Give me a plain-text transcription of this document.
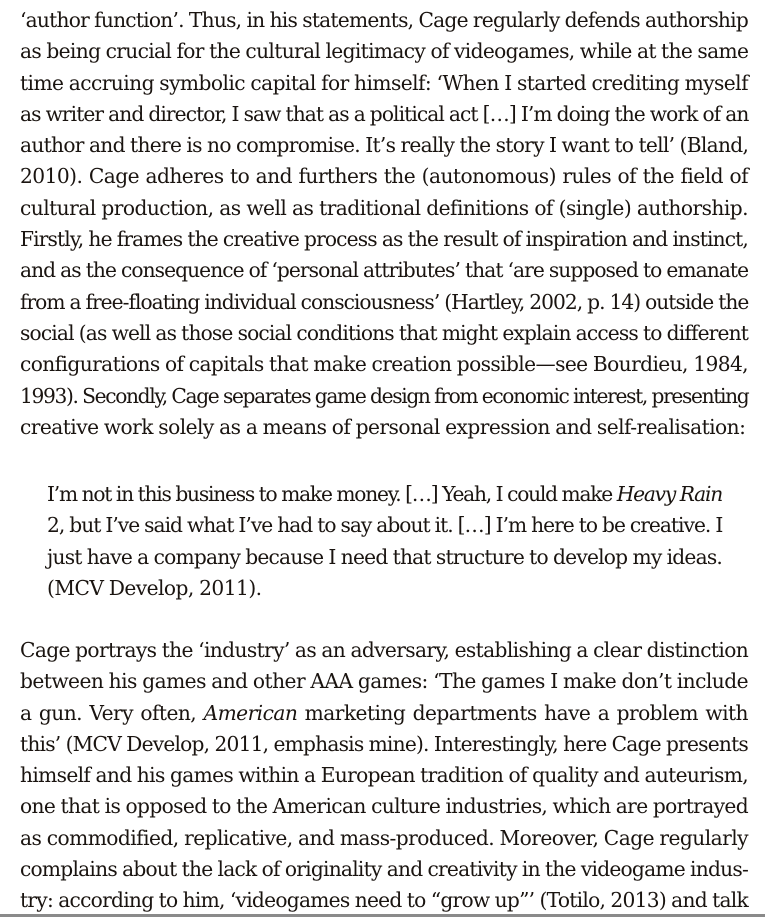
‘author function’. Thus, in his statements, Cage regularly defends authorship
as being crucial for the cultural legitimacy of videogames, while at the same
time accruing symbolic capital for himself: ‘When I started crediting myself
as writer and director, I saw that as a political act […] I’m doing the work of an
author and there is no compromise. It’s really the story I want to tell’ (Bland,
2010). Cage adheres to and furthers the (autonomous) rules of the field of
cultural production, as well as traditional definitions of (single) authorship.
Firstly, he frames the creative process as the result of inspiration and instinct,
and as the consequence of ‘personal attributes’ that ‘are supposed to emanate
from a free-floating individual consciousness’ (Hartley, 2002, p. 14) outside the
social (as well as those social conditions that might explain access to different
configurations of capitals that make creation possible—see Bourdieu, 1984,
1993). Secondly, Cage separates game design from economic interest, presenting
creative work solely as a means of personal expression and self-realisation:

I’m not in this business to make money. […] Yeah, I could make Heavy Rain
2, but I’ve said what I’ve had to say about it. […] I’m here to be creative. I
just have a company because I need that structure to develop my ideas.
(MCV Develop, 2011).

Cage portrays the ‘industry’ as an adversary, establishing a clear distinction
between his games and other AAA games: ‘The games I make don’t include
a gun. Very often, American marketing departments have a problem with
this’ (MCV Develop, 2011, emphasis mine). Interestingly, here Cage presents
himself and his games within a European tradition of quality and auteurism,
one that is opposed to the American culture industries, which are portrayed
as commodified, replicative, and mass-produced. Moreover, Cage regularly
complains about the lack of originality and creativity in the videogame indus-
try: according to him, ‘videogames need to “grow up”’ (Totilo, 2013) and talk
